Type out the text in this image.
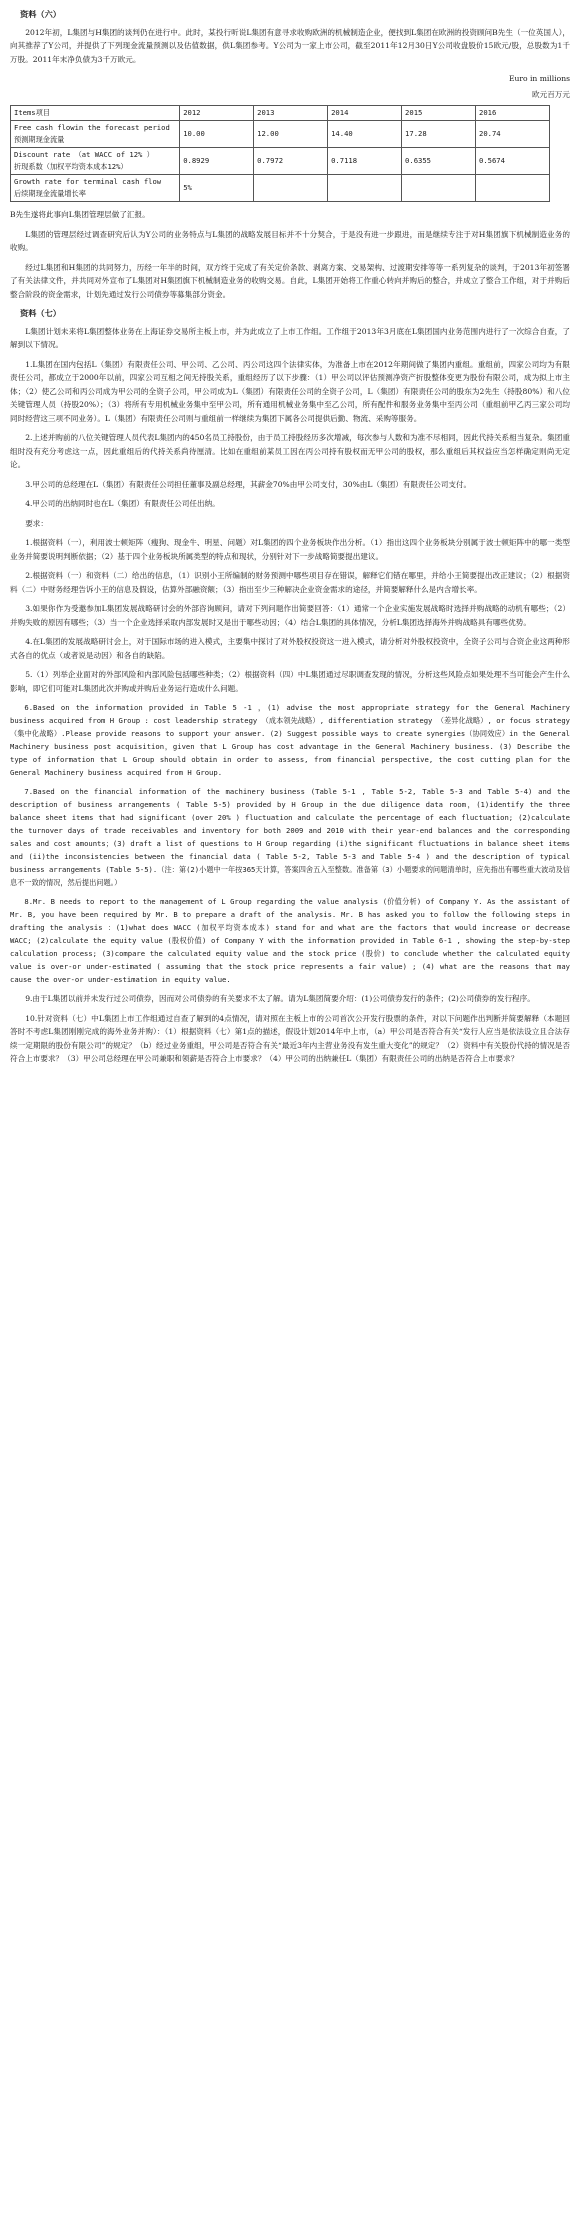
资料（六）

2012年初，L集团与H集团的谈判仍在进行中。此时，某投行听说L集团有意寻求收购欧洲的机械制造企业，便找到L集团在欧洲的投资顾问B先生（一位英国人），向其推荐了Y公司，并提供了下列现金流量预测以及估值数据，供L集团参考。Y公司为一家上市公司，截至2011年12月30日Y公司收盘股价15欧元/股，总股数为1千万股。2011年末净负债为3千万欧元。

Euro in millions
欧元百万元
Items项目	2012	2013	2014	2015	2016

Free cash flowin the forecast period
预测期现金流量	10.00	12.00	14.40	17.28	20.74

Discount rate （at WACC of 12% ）
折现系数（加权平均资本成本12%）	0.8929	0.7972	0.7118	0.6355	0.5674

Growth rate for terminal cash flow
后续期现金流量增长率	5%				

B先生遂将此事向L集团管理层做了汇报。

L集团的管理层经过调查研究后认为Y公司的业务特点与L集团的战略发展目标并不十分契合，于是没有进一步跟进，而是继续专注于对H集团旗下机械制造业务的收购。

经过L集团和H集团的共同努力，历经一年半的时间，双方终于完成了有关定价条款、剥离方案、交易架构、过渡期安排等等一系列复杂的谈判，于2013年初签署了有关法律文件，并共同对外宣布了L集团对H集团旗下机械制造业务的收购交易。自此，L集团开始将工作重心转向并购后的整合，并成立了整合工作组，对于并购后整合阶段的资金需求，计划先通过发行公司债券等募集部分资金。

资料（七）

L集团计划未来将L集团整体业务在上海证券交易所主板上市，并为此成立了上市工作组。工作组于2013年3月底在L集团国内业务范围内进行了一次综合自查，了解到以下情况。

1.L集团在国内包括L（集团）有限责任公司、甲公司、乙公司、丙公司这四个法律实体，为准备上市在2012年期间做了集团内重组。重组前，四家公司均为有限责任公司，都成立于2000年以前，四家公司互相之间无持股关系，重组经历了以下步骤：（1）甲公司以评估预测净资产折股整体变更为股份有限公司，成为拟上市主体；（2）使乙公司和丙公司成为甲公司的全资子公司，甲公司成为L（集团）有限责任公司的全资子公司，L（集团）有限责任公司的股东为2先生（持股80%）和八位关键管理人员（持股20%）；（3）将所有专用机械业务集中至甲公司，所有通用机械业务集中至乙公司，所有配件和服务业务集中至丙公司（重组前甲乙丙三家公司均同时经营这三项不同业务）。L（集团）有限责任公司则与重组前一样继续为集团下属各公司提供后勤、物流、采购等服务。

2.上述并购前的八位关键管理人员代表L集团内的450名员工持股份，由于员工持股经历多次增减，每次参与人数和为准不尽相同，因此代持关系相当复杂。集团重组时没有充分考虑这一点，因此重组后的代持关系尚待厘清。比如在重组前某员工因在丙公司持有股权而无甲公司的股权，那么重组后其权益应当怎样确定则尚无定论。

3.甲公司的总经理在L（集团）有限责任公司担任董事及副总经理，其薪金70%由甲公司支付，30%由L（集团）有限责任公司支付。

4.甲公司的出纳同时也在L（集团）有限责任公司任出纳。

要求：

1.根据资料（一），利用波士顿矩阵（瘦狗、现金牛、明星、问题）对L集团的四个业务板块作出分析。（1）指出这四个业务板块分别属于波士顿矩阵中的哪一类型业务并简要说明判断依据；（2）基于四个业务板块所属类型的特点和现状，分别针对下一步战略简要提出建议。

2.根据资料（一）和资料（二）给出的信息，（1）识别小王所编制的财务预测中哪些项目存在错误，解释它们错在哪里，并给小王简要提出改正建议；（2）根据资料（二）中财务经理告诉小王的信息及假设，估算外部融资额；（3）指出至少三种解决企业资金需求的途径，并简要解释什么是内含增长率。

3.如果你作为受邀参加L集团发展战略研讨会的外部咨询顾问，请对下列问题作出简要回答：（1）通常一个企业实施发展战略时选择并购战略的动机有哪些；（2）并购失败的原因有哪些；（3）当一个企业选择采取内部发展时又是出于哪些动因；（4）结合L集团的具体情况，分析L集团选择海外并购战略具有哪些优势。

4.在L集团的发展战略研讨会上，对于国际市场的进入模式，主要集中探讨了对外股权投资这一进入模式，请分析对外股权投资中，全资子公司与合资企业这两种形式各自的优点（或者说是动因）和各自的缺陷。

5.（1）列举企业面对的外部风险和内部风险包括哪些种类；（2）根据资料（四）中L集团通过尽职调查发现的情况，分析这些风险点如果处理不当可能会产生什么影响，即它们可能对L集团此次并购或并购后业务运行造成什么问题。

6.Based on the information provided in Table 5 -1 ，(1) advise the most appropriate strategy for the General Machinery business acquired from H Group : cost leadership strategy （成本领先战略）, differentiation strategy （差异化战略）, or focus strategy （集中化战略）.Please provide reasons to support your answer. (2) Suggest possible ways to create synergies（协同效应）in the General Machinery business post acquisition，given that L Group has cost advantage in the General Machinery business. (3) Describe the type of information that L Group should obtain in order to assess, from financial perspective, the cost cutting plan for the General Machinery business acquired from H Group.

7.Based on the financial information of the machinery business (Table 5-1 , Table 5-2, Table 5-3 and Table 5-4) and the description of business arrangements ( Table 5-5) provided by H Group in the due diligence data room，(1)identify the three balance sheet items that had significant (over 20% ) fluctuation and calculate the percentage of each fluctuation; (2)calculate the turnover days of trade receivables and inventory for both 2009 and 2010 with their year-end balances and the corresponding sales and cost amounts；(3) draft a list of questions to H Group regarding (i)the significant fluctuations in balance sheet items and (ii)the inconsistencies between the financial data ( Table 5-2, Table 5-3 and Table 5-4 ) and the description of typical business arrangements (Table 5-5).（注：第(2)小题中一年按365天计算，答案四舍五入至整数。准备第（3）小题要求的问题清单时，应先指出有哪些重大波动及信息不一致的情况，然后提出问题。）

8.Mr. B needs to report to the management of L Group regarding the value analysis (价值分析) of Company Y. As the assistant of Mr. B, you have been required by Mr. B to prepare a draft of the analysis. Mr. B has asked you to follow the following steps in drafting the analysis ：(1)what does WACC (加权平均资本成本) stand for and what are the factors that would increase or decrease WACC; (2)calculate the equity value (股权价值) of Company Y with the information provided in Table 6-1 , showing the step-by-step calculation process; (3)compare the calculated equity value and the stock price (股价) to conclude whether the calculated equity value is over-or under-estimated ( assuming that the stock price represents a fair value) ; (4) what are the reasons that may cause the over-or under-estimation in equity value.

9.由于L集团以前并未发行过公司债券，因而对公司债券的有关要求不太了解。请为L集团简要介绍：(1)公司债券发行的条件；(2)公司债券的发行程序。

10.针对资料（七）中L集团上市工作组通过自查了解到的4点情况，请对照在主板上市的公司首次公开发行股票的条件，对以下问题作出判断并简要解释（本题回答时不考虑L集团刚刚完成的海外业务并购）：（1）根据资料（七）第1点的描述，假设计划2014年中上市，（a）甲公司是否符合有关“发行人应当是依法设立且合法存续一定期限的股份有限公司”的规定？（b）经过业务重组，甲公司是否符合有关“最近3年内主营业务没有发生重大变化”的规定？（2）资料中有关股份代持的情况是否符合上市要求？（3）甲公司总经理在甲公司兼职和领薪是否符合上市要求？（4）甲公司的出纳兼任L（集团）有限责任公司的出纳是否符合上市要求？
